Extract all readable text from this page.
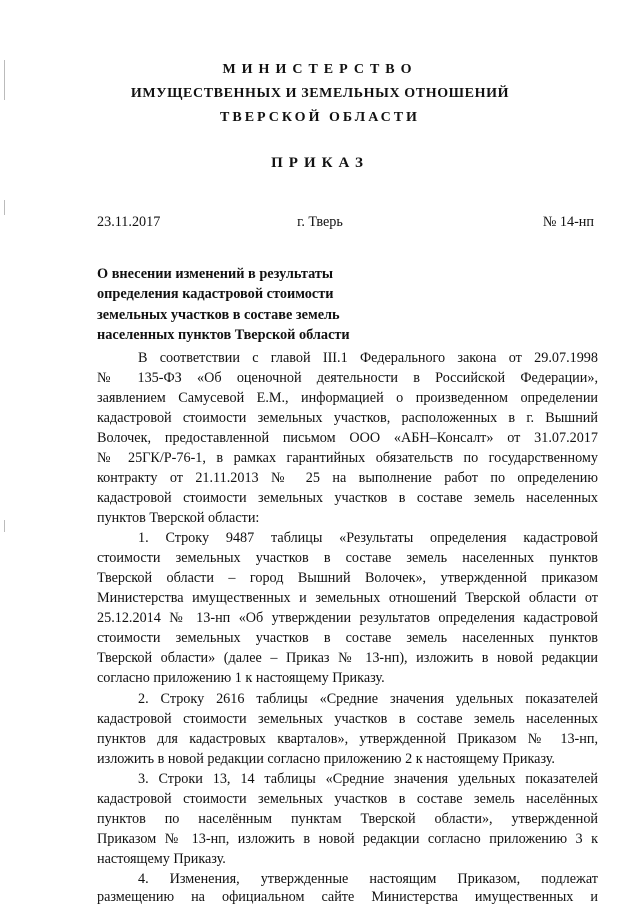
МИНИСТЕРСТВО
ИМУЩЕСТВЕННЫХ И ЗЕМЕЛЬНЫХ ОТНОШЕНИЙ
ТВЕРСКОЙ ОБЛАСТИ
ПРИКАЗ
23.11.2017	г. Тверь	№ 14-нп
О внесении изменений в результаты
определения кадастровой стоимости
земельных участков в составе земель
населенных пунктов Тверской области
В соответствии с главой III.1 Федерального закона от 29.07.1998
№ 135-ФЗ «Об оценочной деятельности в Российской Федерации»,
заявлением Самусевой Е.М., информацией о произведенном определении
кадастровой стоимости земельных участков, расположенных в г. Вышний
Волочек, предоставленной письмом ООО «АБН–Консалт» от 31.07.2017
№ 25ГК/Р-76-1, в рамках гарантийных обязательств по государственному
контракту от 21.11.2013 № 25 на выполнение работ по определению
кадастровой стоимости земельных участков в составе земель населенных
пунктов Тверской области:
1. Строку 9487 таблицы «Результаты определения кадастровой
стоимости земельных участков в составе земель населенных пунктов
Тверской области – город Вышний Волочек», утвержденной приказом
Министерства имущественных и земельных отношений Тверской области от
25.12.2014 № 13-нп «Об утверждении результатов определения кадастровой
стоимости земельных участков в составе земель населенных пунктов
Тверской области» (далее – Приказ № 13-нп), изложить в новой редакции
согласно приложению 1 к настоящему Приказу.
2. Строку 2616 таблицы «Средние значения удельных показателей
кадастровой стоимости земельных участков в составе земель населенных
пунктов для кадастровых кварталов», утвержденной Приказом № 13-нп,
изложить в новой редакции согласно приложению 2 к настоящему Приказу.
3. Строки 13, 14 таблицы «Средние значения удельных показателей
кадастровой стоимости земельных участков в составе земель населённых
пунктов по населённым пунктам Тверской области», утвержденной
Приказом № 13-нп, изложить в новой редакции согласно приложению 3 к
настоящему Приказу.
4. Изменения, утвержденные настоящим Приказом, подлежат
размещению на официальном сайте Министерства имущественных и
